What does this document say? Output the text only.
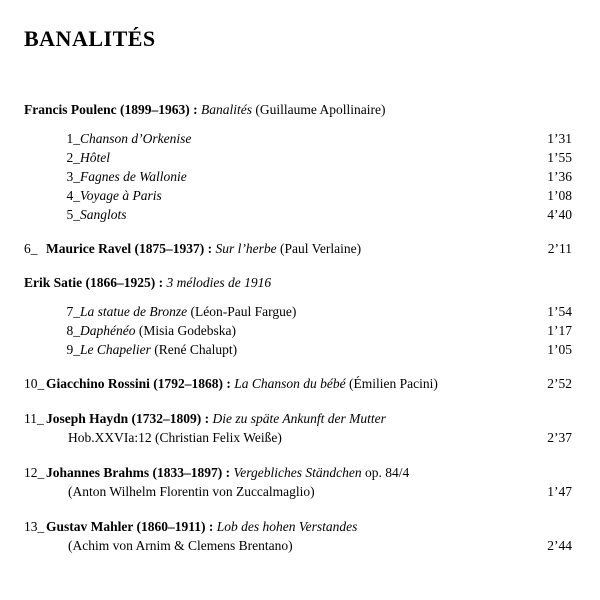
BANALITÉS
Francis Poulenc (1899–1963) : Banalités (Guillaume Apollinaire)
1_Chanson d’Orkenise	1’31
2_Hôtel	1’55
3_Fagnes de Wallonie	1’36
4_Voyage à Paris	1’08
5_Sanglots	4’40
6_ Maurice Ravel (1875–1937) : Sur l’herbe (Paul Verlaine)	2’11
Erik Satie (1866–1925) : 3 mélodies de 1916
7_La statue de Bronze (Léon-Paul Fargue)	1’54
8_Daphénéo (Misia Godebska)	1’17
9_Le Chapelier (René Chalupt)	1’05
10_ Giacchino Rossini (1792–1868) : La Chanson du bébé (Émilien Pacini)	2’52
11_ Joseph Haydn (1732–1809) : Die zu späte Ankunft der Mutter
Hob.XXVIa:12 (Christian Felix Weiße)	2’37
12_ Johannes Brahms (1833–1897) : Vergebliches Ständchen op. 84/4
(Anton Wilhelm Florentin von Zuccalmaglio)	1’47
13_ Gustav Mahler (1860–1911) : Lob des hohen Verstandes
(Achim von Arnim & Clemens Brentano)	2’44
